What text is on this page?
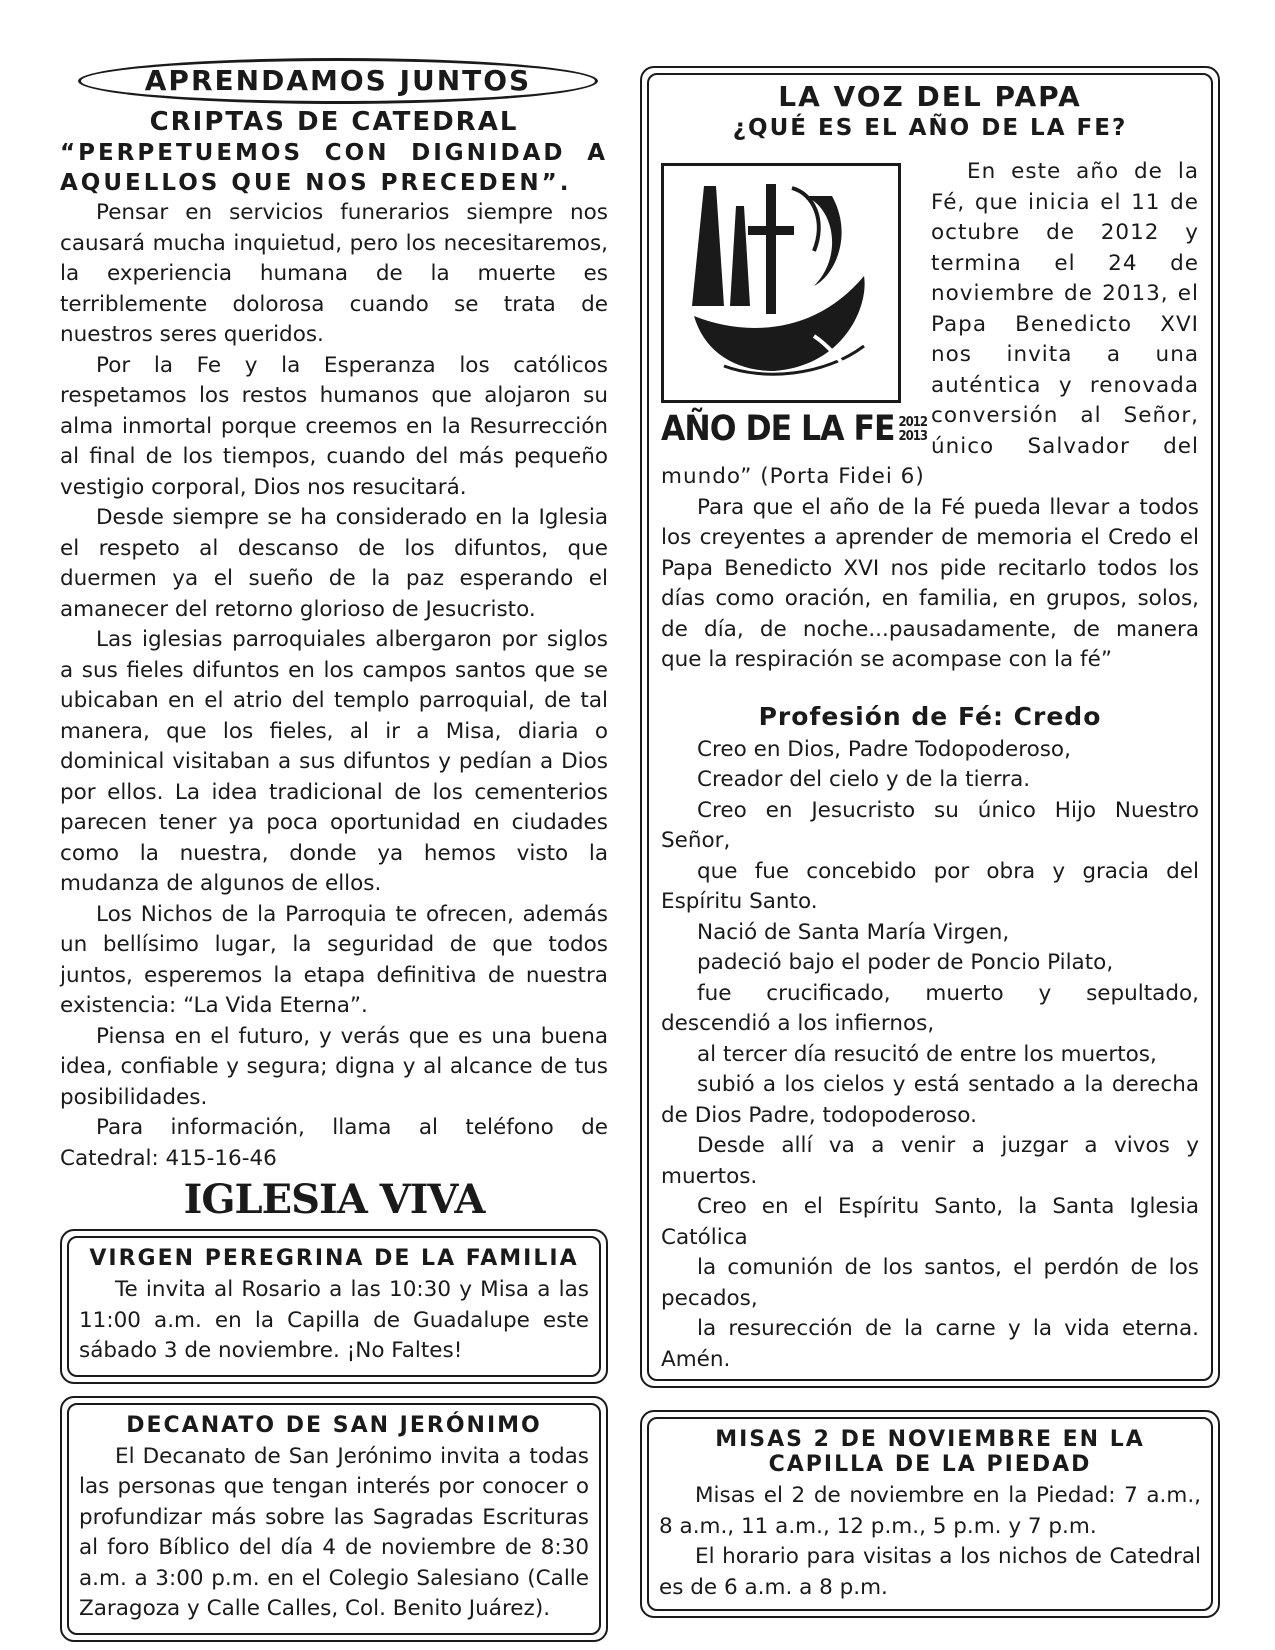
APRENDAMOS JUNTOS

CRIPTAS DE CATEDRAL

“PERPETUEMOS CON DIGNIDAD A AQUELLOS QUE NOS PRECEDEN”.

Pensar en servicios funerarios siempre nos causará mucha inquietud, pero los necesitaremos, la experiencia humana de la muerte es terriblemente dolorosa cuando se trata de nuestros seres queridos.

Por la Fe y la Esperanza los católicos respetamos los restos humanos que alojaron su alma inmortal porque creemos en la Resurrección al final de los tiempos, cuando del más pequeño vestigio corporal, Dios nos resucitará.

Desde siempre se ha considerado en la Iglesia el respeto al descanso de los difuntos, que duermen ya el sueño de la paz esperando el amanecer del retorno glorioso de Jesucristo.

Las iglesias parroquiales albergaron por siglos a sus fieles difuntos en los campos santos que se ubicaban en el atrio del templo parroquial, de tal manera, que los fieles, al ir a Misa, diaria o dominical visitaban a sus difuntos y pedían a Dios por ellos. La idea tradicional de los cementerios parecen tener ya poca oportunidad en ciudades como la nuestra, donde ya hemos visto la mudanza de algunos de ellos.

Los Nichos de la Parroquia te ofrecen, además un bellísimo lugar, la seguridad de que todos juntos, esperemos la etapa definitiva de nuestra existencia: “La Vida Eterna”.

Piensa en el futuro, y verás que es una buena idea, confiable y segura; digna y al alcance de tus posibilidades.

Para información, llama al teléfono de Catedral: 415-16-46

IGLESIA VIVA
VIRGEN PEREGRINA DE LA FAMILIA

Te invita al Rosario a las 10:30 y Misa a las 11:00 a.m. en la Capilla de Guadalupe este sábado 3 de noviembre. ¡No Faltes!

DECANATO DE SAN JERÓNIMO

El Decanato de San Jerónimo invita a todas las personas que tengan interés por conocer o profundizar más sobre las Sagradas Escrituras al foro Bíblico del día 4 de noviembre de 8:30 a.m. a 3:00 p.m. en el Colegio Salesiano (Calle Zaragoza y Calle Calles, Col. Benito Juárez).

LA VOZ DEL PAPA

¿QUÉ ES EL AÑO DE LA FE?

AÑO DE LA FE 2012
2013

En este año de la Fé, que inicia el 11 de octubre de 2012 y termina el 24 de noviembre de 2013, el Papa Benedicto XVI nos invita a una auténtica y renovada conversión al Señor, único Salvador del mundo” (Porta Fidei 6)

Para que el año de la Fé pueda llevar a todos los creyentes a aprender de memoria el Credo el Papa Benedicto XVI nos pide recitarlo todos los días como oración, en familia, en grupos, solos, de día, de noche...pausadamente, de manera que la respiración se acompase con la fé”

Profesión de Fé: Credo

Creo en Dios, Padre Todopoderoso,

Creador del cielo y de la tierra.

Creo en Jesucristo su único Hijo Nuestro Señor,

que fue concebido por obra y gracia del Espíritu Santo.

Nació de Santa María Virgen,

padeció bajo el poder de Poncio Pilato,

fue crucificado, muerto y sepultado, descendió a los infiernos,

al tercer día resucitó de entre los muertos,

subió a los cielos y está sentado a la derecha de Dios Padre, todopoderoso.

Desde allí va a venir a juzgar a vivos y muertos.

Creo en el Espíritu Santo, la Santa Iglesia Católica

la comunión de los santos, el perdón de los pecados,

la resurección de la carne y la vida eterna. Amén.

MISAS 2 DE NOVIEMBRE EN LA CAPILLA DE LA PIEDAD

Misas el 2 de noviembre en la Piedad: 7 a.m., 8 a.m., 11 a.m., 12 p.m., 5 p.m. y 7 p.m.

El horario para visitas a los nichos de Catedral es de 6 a.m. a 8 p.m.
